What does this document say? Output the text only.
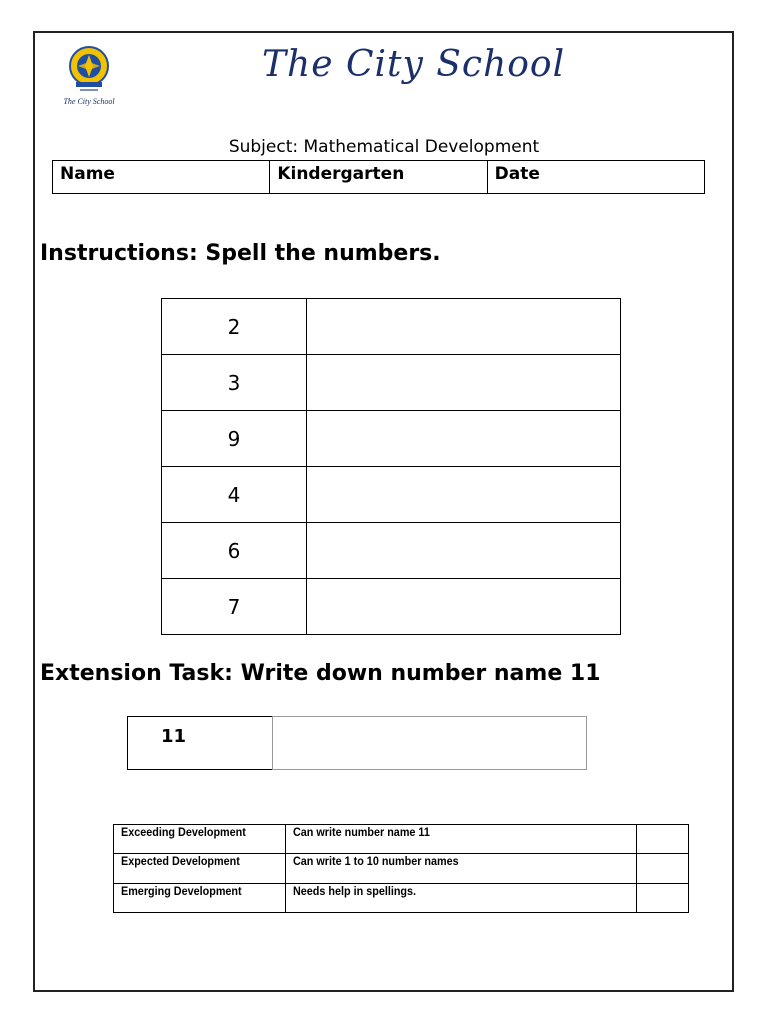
The City School
The City School
Subject: Mathematical Development
Name	Kindergarten	Date
Instructions: Spell the numbers.
2	
3	
9	
4	
6	
7	
Extension Task: Write down number name 11
11
Exceeding Development	Can write number name 11	
Expected Development	Can write 1 to 10 number names	
Emerging Development	Needs help in spellings.	
